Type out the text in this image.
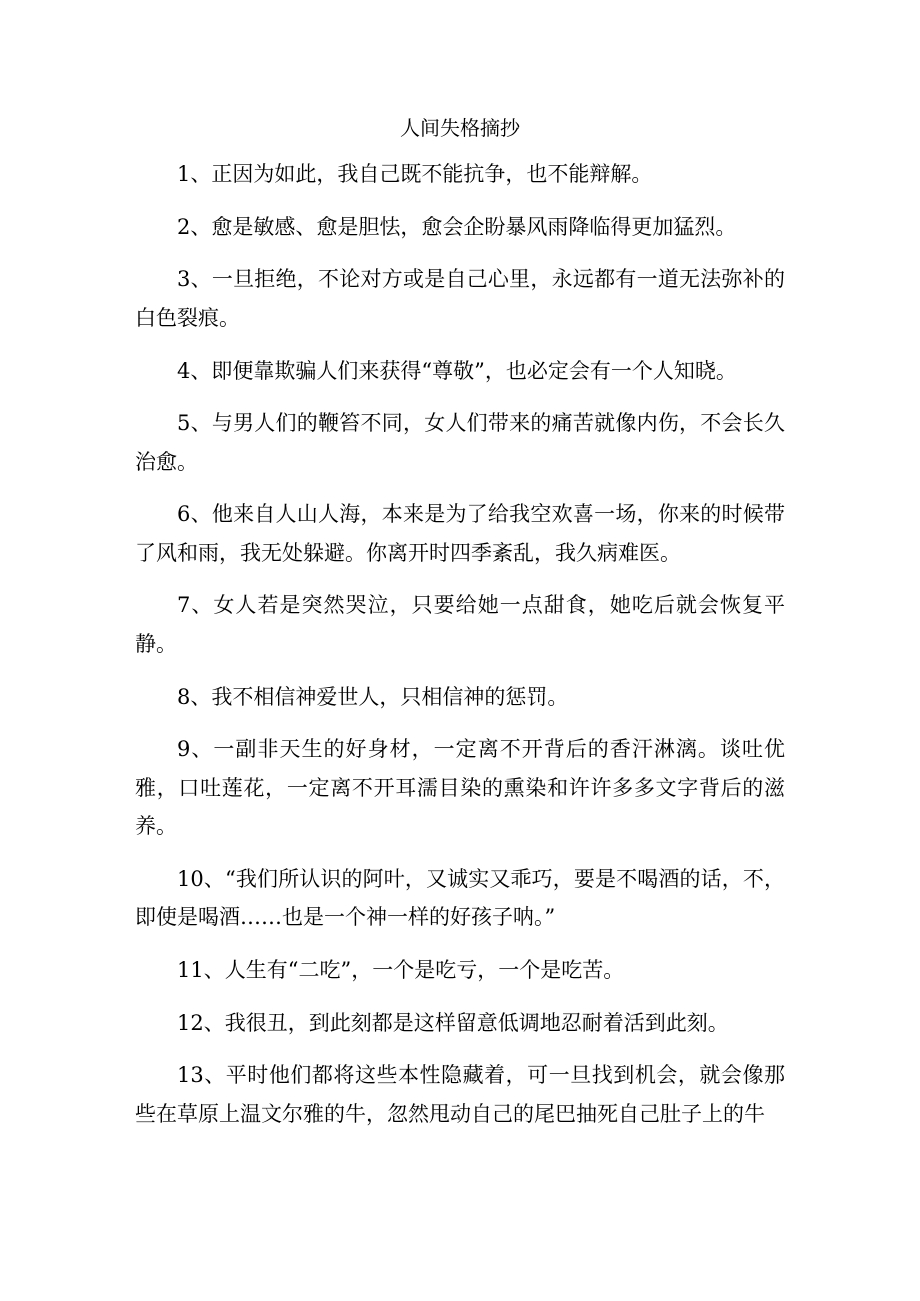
人间失格摘抄

1、正因为如此，我自己既不能抗争，也不能辩解。

2、愈是敏感、愈是胆怯，愈会企盼暴风雨降临得更加猛烈。

3、一旦拒绝，不论对方或是自己心里，永远都有一道无法弥补的白色裂痕。

4、即便靠欺骗人们来获得“尊敬”，也必定会有一个人知晓。

5、与男人们的鞭笞不同，女人们带来的痛苦就像内伤，不会长久治愈。

6、他来自人山人海，本来是为了给我空欢喜一场，你来的时候带了风和雨，我无处躲避。你离开时四季紊乱，我久病难医。

7、女人若是突然哭泣，只要给她一点甜食，她吃后就会恢复平静。

8、我不相信神爱世人，只相信神的惩罚。

9、一副非天生的好身材，一定离不开背后的香汗淋漓。谈吐优雅，口吐莲花，一定离不开耳濡目染的熏染和许许多多文字背后的滋养。

10、“我们所认识的阿叶，又诚实又乖巧，要是不喝酒的话，不，即使是喝酒……也是一个神一样的好孩子呐。”

11、人生有“二吃”，一个是吃亏，一个是吃苦。

12、我很丑，到此刻都是这样留意低调地忍耐着活到此刻。

13、平时他们都将这些本性隐藏着，可一旦找到机会，就会像那些在草原上温文尔雅的牛，忽然甩动自己的尾巴抽死自己肚子上的牛
